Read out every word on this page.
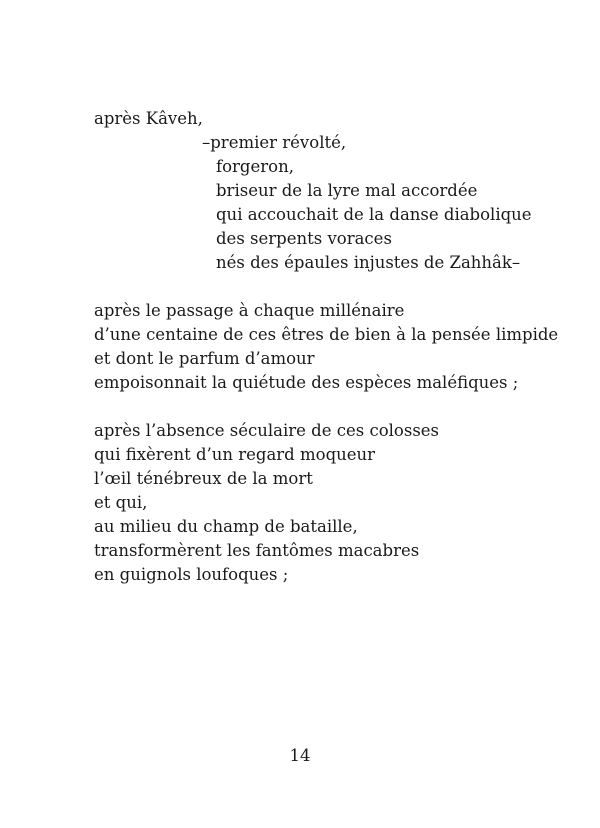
après Kâveh,
–premier révolté,
forgeron,
briseur de la lyre mal accordée
qui accouchait de la danse diabolique
des serpents voraces
nés des épaules injustes de Zahhâk–
après le passage à chaque millénaire
d’une centaine de ces êtres de bien à la pensée limpide
et dont le parfum d’amour
empoisonnait la quiétude des espèces maléfiques ;
après l’absence séculaire de ces colosses
qui fixèrent d’un regard moqueur
l’œil ténébreux de la mort
et qui,
au milieu du champ de bataille,
transformèrent les fantômes macabres
en guignols loufoques ;
14
